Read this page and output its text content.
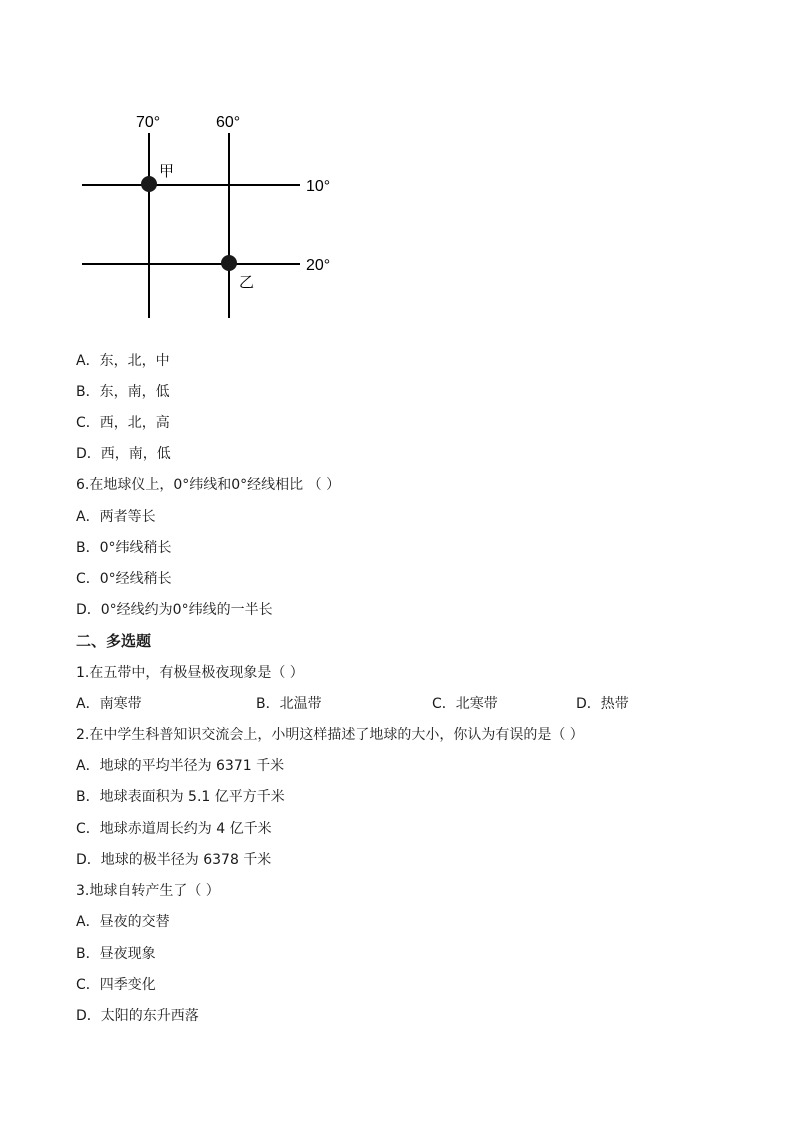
70°	60°
10°
20°
甲
乙

A．东，北，中

B．东，南，低

C．西，北，高

D．西，南，低

6.在地球仪上，0°纬线和0°经线相比 （ ）

A．两者等长

B．0°纬线稍长

C．0°经线稍长

D．0°经线约为0°纬线的一半长

二、多选题

1.在五带中，有极昼极夜现象是（ ）

A．南寒带	B．北温带	C．北寒带	D．热带

2.在中学生科普知识交流会上，小明这样描述了地球的大小，你认为有误的是（ ）

A．地球的平均半径为 6371 千米

B．地球表面积为 5.1 亿平方千米

C．地球赤道周长约为 4 亿千米

D．地球的极半径为 6378 千米

3.地球自转产生了（ ）

A．昼夜的交替

B．昼夜现象

C．四季变化

D．太阳的东升西落
